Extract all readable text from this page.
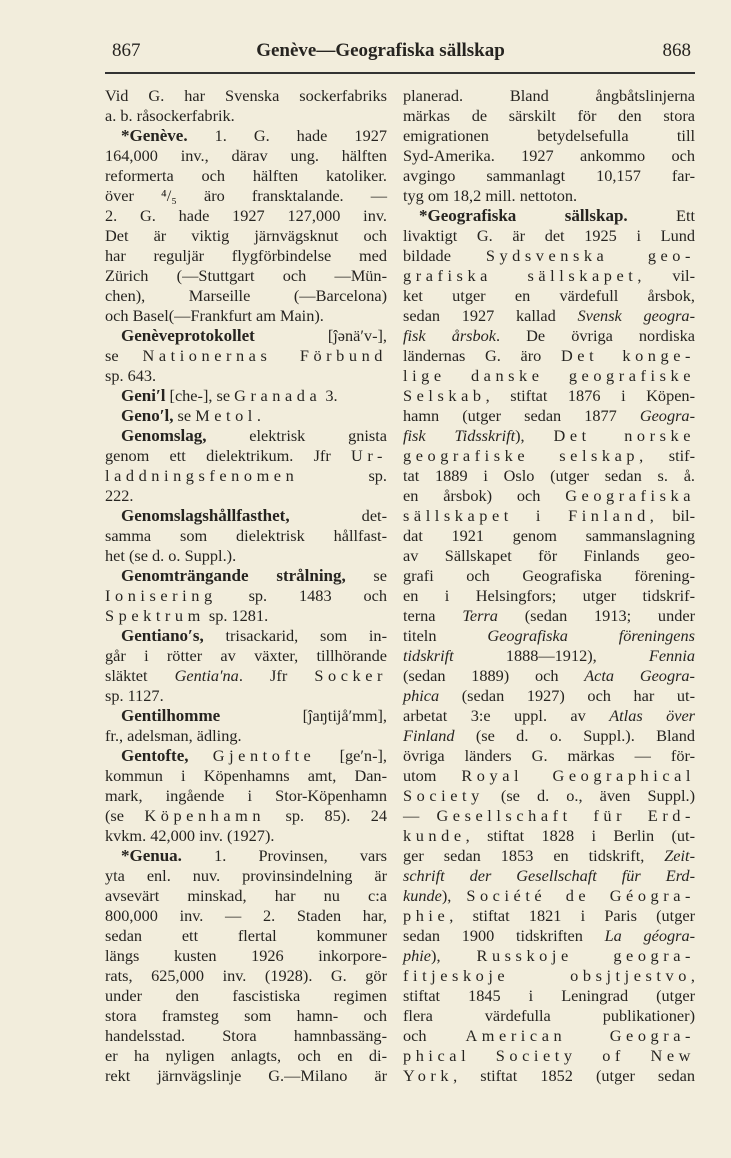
867	Genève—Geografiska sällskap	868
Vid G. har Svenska sockerfabriks
a. b. råsockerfabrik.
*Genève. 1. G. hade 1927
164,000 inv., därav ung. hälften
reformerta och hälften katoliker.
över ⁴/₅ äro fransktalande. —
2. G. hade 1927 127,000 inv.
Det är viktig järnvägsknut och
har reguljär flygförbindelse med
Zürich (—Stuttgart och —Mün-
chen), Marseille (—Barcelona)
och Basel(—Frankfurt am Main).
Genèveprotokollet [ĵənä′v-],
se Nationernas Förbund
sp. 643.
Geni′l [che-], se Granada 3.
Geno′l, se Metol.
Genomslag, elektrisk gnista
genom ett dielektrikum. Jfr Ur-
laddningsfenomen sp.
222.
Genomslagshållfasthet, det-
samma som dielektrisk hållfast-
het (se d. o. Suppl.).
Genomträngande strålning, se
Ionisering sp. 1483 och
Spektrum sp. 1281.
Gentiano′s, trisackarid, som in-
går i rötter av växter, tillhörande
släktet Gentia′na. Jfr Socker
sp. 1127.
Gentilhomme [ĵaŋtijå′mm],
fr., adelsman, ädling.
Gentofte, Gjentofte [ge′n-],
kommun i Köpenhamns amt, Dan-
mark, ingående i Stor-Köpenhamn
(se Köpenhamn sp. 85). 24
kvkm. 42,000 inv. (1927).
*Genua. 1. Provinsen, vars
yta enl. nuv. provinsindelning är
avsevärt minskad, har nu c:a
800,000 inv. — 2. Staden har,
sedan ett flertal kommuner
längs kusten 1926 inkorpore-
rats, 625,000 inv. (1928). G. gör
under den fascistiska regimen
stora framsteg som hamn- och
handelsstad. Stora hamnbassäng-
er ha nyligen anlagts, och en di-
rekt järnvägslinje G.—Milano är
planerad. Bland ångbåtslinjerna
märkas de särskilt för den stora
emigrationen betydelsefulla till
Syd-Amerika. 1927 ankommo och
avgingo sammanlagt 10,157 far-
tyg om 18,2 mill. nettoton.
*Geografiska sällskap. Ett
livaktigt G. är det 1925 i Lund
bildade Sydsvenska geo-
grafiska sällskapet, vil-
ket utger en värdefull årsbok,
sedan 1927 kallad Svensk geogra-
fisk årsbok. De övriga nordiska
ländernas G. äro Det konge-
lige danske geografiske
Selskab, stiftat 1876 i Köpen-
hamn (utger sedan 1877 Geogra-
fisk Tidsskrift), Det norske
geografiske selskap, stif-
tat 1889 i Oslo (utger sedan s. å.
en årsbok) och Geografiska
sällskapet i Finland, bil-
dat 1921 genom sammanslagning
av Sällskapet för Finlands geo-
grafi och Geografiska förening-
en i Helsingfors; utger tidskrif-
terna Terra (sedan 1913; under
titeln Geografiska föreningens
tidskrift 1888—1912), Fennia
(sedan 1889) och Acta Geogra-
phica (sedan 1927) och har ut-
arbetat 3:e uppl. av Atlas över
Finland (se d. o. Suppl.). Bland
övriga länders G. märkas — för-
utom Royal Geographical
Society (se d. o., även Suppl.)
— Gesellschaft für Erd-
kunde, stiftat 1828 i Berlin (ut-
ger sedan 1853 en tidskrift, Zeit-
schrift der Gesellschaft für Erd-
kunde), Société de Géogra-
phie, stiftat 1821 i Paris (utger
sedan 1900 tidskriften La géogra-
phie), Russkoje geogra-
fitjeskoje obsjtjestvo,
stiftat 1845 i Leningrad (utger
flera värdefulla publikationer)
och American Geogra-
phical Society of New
York, stiftat 1852 (utger sedan
